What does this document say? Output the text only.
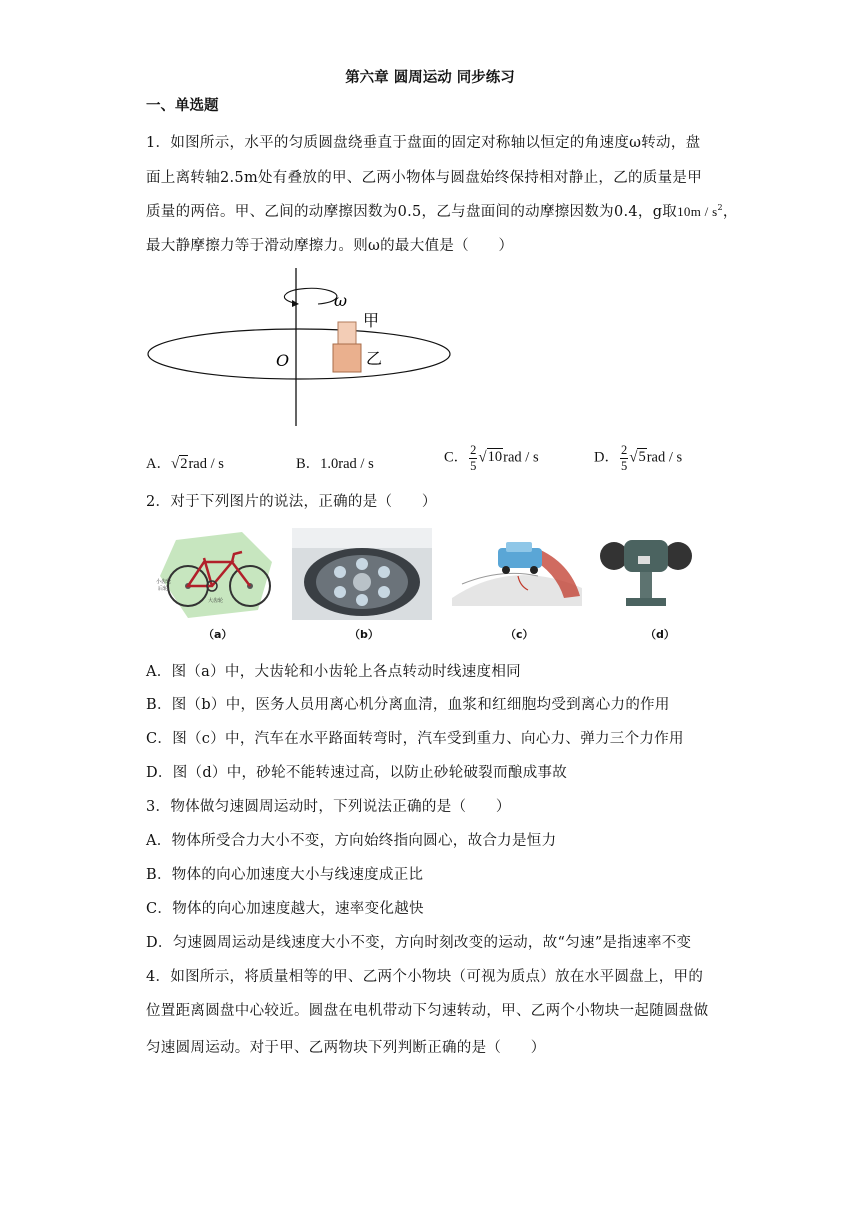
第六章 圆周运动 同步练习
一、单选题
1．如图所示，水平的匀质圆盘绕垂直于盘面的固定对称轴以恒定的角速度ω转动，盘
面上离转轴2.5m处有叠放的甲、乙两小物体与圆盘始终保持相对静止，乙的质量是甲
质量的两倍。甲、乙间的动摩擦因数为0.5，乙与盘面间的动摩擦因数为0.4，g取$10m / s^2$，
最大静摩擦力等于滑动摩擦力。则ω的最大值是（　　）
ω
甲
乙
O
A．√2rad / s	B．1.0rad / s	C． $\frac{2}{5} √10rad$ / s	D． $\frac{2}{5} √5rad$ / s
2．对于下列图片的说法，正确的是（　　）
小齿轮
后轮
大齿轮
（a）	（b）	（c）	（d）
A．图（a）中，大齿轮和小齿轮上各点转动时线速度相同
B．图（b）中，医务人员用离心机分离血清，血浆和红细胞均受到离心力的作用
C．图（c）中，汽车在水平路面转弯时，汽车受到重力、向心力、弹力三个力作用
D．图（d）中，砂轮不能转速过高，以防止砂轮破裂而酿成事故
3．物体做匀速圆周运动时，下列说法正确的是（　　）
A．物体所受合力大小不变，方向始终指向圆心，故合力是恒力
B．物体的向心加速度大小与线速度成正比
C．物体的向心加速度越大，速率变化越快
D．匀速圆周运动是线速度大小不变，方向时刻改变的运动，故“匀速”是指速率不变
4．如图所示，将质量相等的甲、乙两个小物块（可视为质点）放在水平圆盘上，甲的
位置距离圆盘中心较近。圆盘在电机带动下匀速转动，甲、乙两个小物块一起随圆盘做
匀速圆周运动。对于甲、乙两物块下列判断正确的是（　　）
